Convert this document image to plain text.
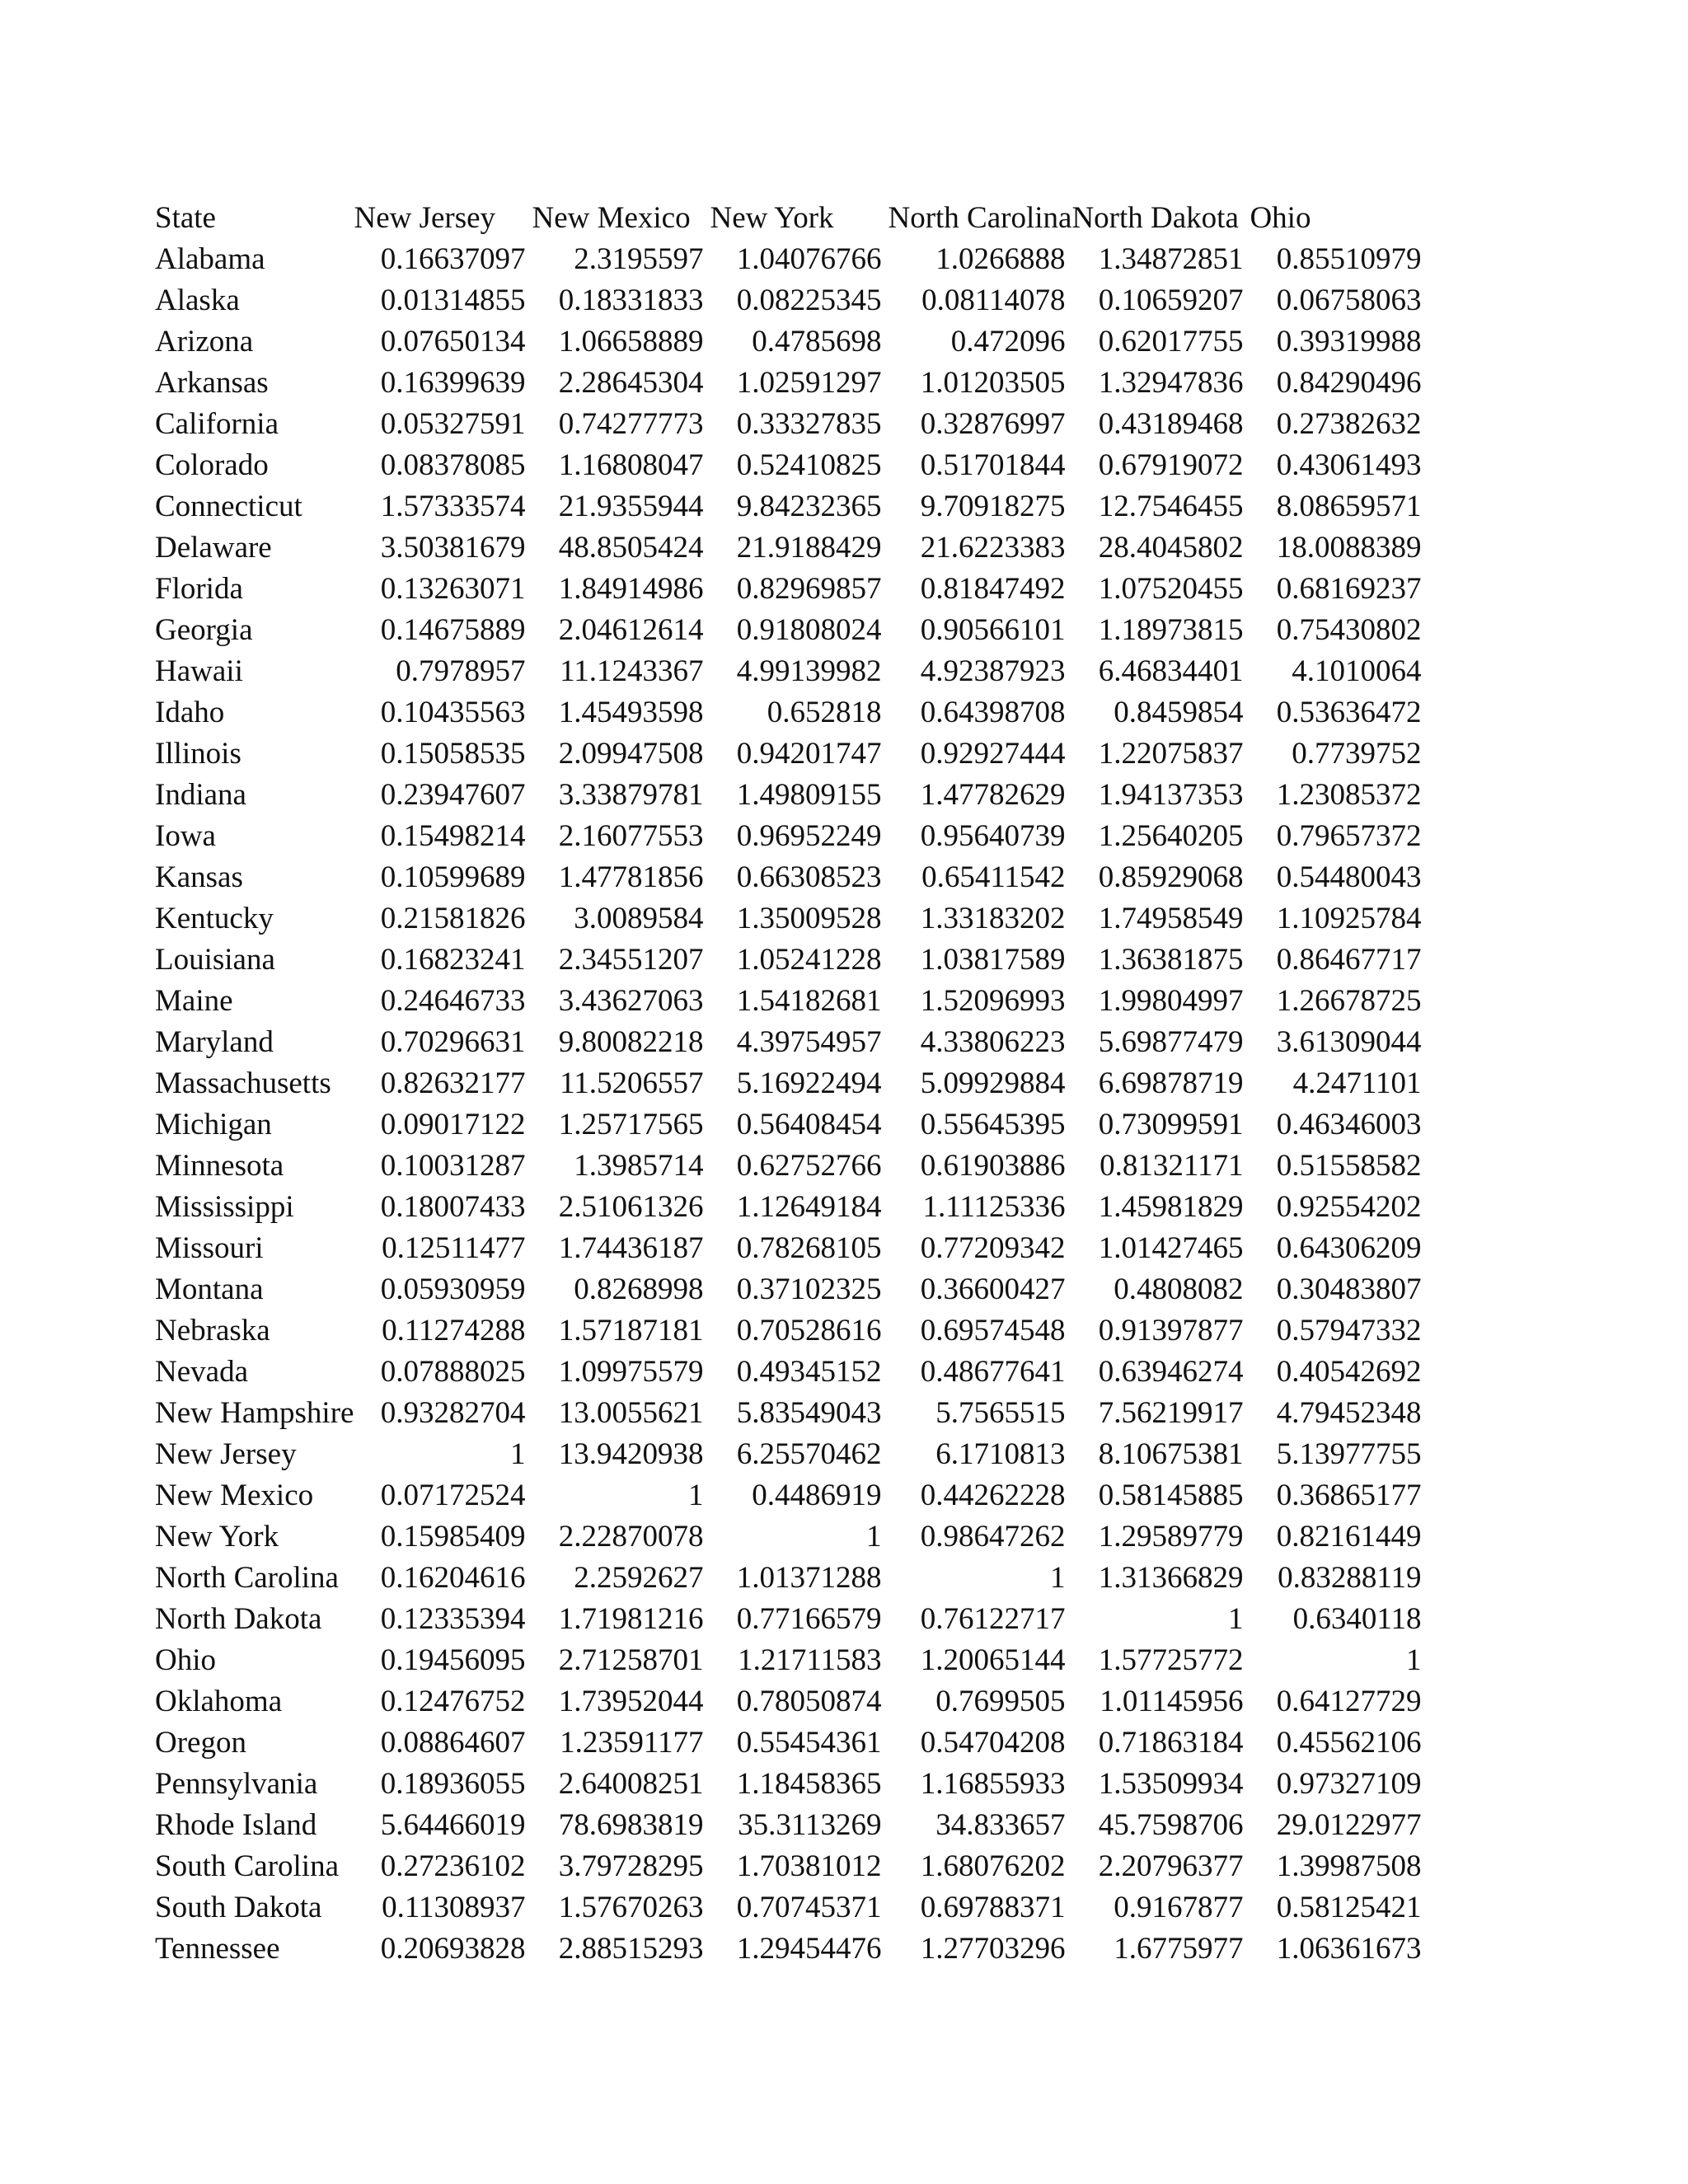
State	New Jersey	New Mexico	New York	North Carolina	North Dakota	Ohio
Alabama	0.16637097	2.3195597	1.04076766	1.0266888	1.34872851	0.85510979
Alaska	0.01314855	0.18331833	0.08225345	0.08114078	0.10659207	0.06758063
Arizona	0.07650134	1.06658889	0.4785698	0.472096	0.62017755	0.39319988
Arkansas	0.16399639	2.28645304	1.02591297	1.01203505	1.32947836	0.84290496
California	0.05327591	0.74277773	0.33327835	0.32876997	0.43189468	0.27382632
Colorado	0.08378085	1.16808047	0.52410825	0.51701844	0.67919072	0.43061493
Connecticut	1.57333574	21.9355944	9.84232365	9.70918275	12.7546455	8.08659571
Delaware	3.50381679	48.8505424	21.9188429	21.6223383	28.4045802	18.0088389
Florida	0.13263071	1.84914986	0.82969857	0.81847492	1.07520455	0.68169237
Georgia	0.14675889	2.04612614	0.91808024	0.90566101	1.18973815	0.75430802
Hawaii	0.7978957	11.1243367	4.99139982	4.92387923	6.46834401	4.1010064
Idaho	0.10435563	1.45493598	0.652818	0.64398708	0.8459854	0.53636472
Illinois	0.15058535	2.09947508	0.94201747	0.92927444	1.22075837	0.7739752
Indiana	0.23947607	3.33879781	1.49809155	1.47782629	1.94137353	1.23085372
Iowa	0.15498214	2.16077553	0.96952249	0.95640739	1.25640205	0.79657372
Kansas	0.10599689	1.47781856	0.66308523	0.65411542	0.85929068	0.54480043
Kentucky	0.21581826	3.0089584	1.35009528	1.33183202	1.74958549	1.10925784
Louisiana	0.16823241	2.34551207	1.05241228	1.03817589	1.36381875	0.86467717
Maine	0.24646733	3.43627063	1.54182681	1.52096993	1.99804997	1.26678725
Maryland	0.70296631	9.80082218	4.39754957	4.33806223	5.69877479	3.61309044
Massachusetts	0.82632177	11.5206557	5.16922494	5.09929884	6.69878719	4.2471101
Michigan	0.09017122	1.25717565	0.56408454	0.55645395	0.73099591	0.46346003
Minnesota	0.10031287	1.3985714	0.62752766	0.61903886	0.81321171	0.51558582
Mississippi	0.18007433	2.51061326	1.12649184	1.11125336	1.45981829	0.92554202
Missouri	0.12511477	1.74436187	0.78268105	0.77209342	1.01427465	0.64306209
Montana	0.05930959	0.8268998	0.37102325	0.36600427	0.4808082	0.30483807
Nebraska	0.11274288	1.57187181	0.70528616	0.69574548	0.91397877	0.57947332
Nevada	0.07888025	1.09975579	0.49345152	0.48677641	0.63946274	0.40542692
New Hampshire	0.93282704	13.0055621	5.83549043	5.7565515	7.56219917	4.79452348
New Jersey	1	13.9420938	6.25570462	6.1710813	8.10675381	5.13977755
New Mexico	0.07172524	1	0.4486919	0.44262228	0.58145885	0.36865177
New York	0.15985409	2.22870078	1	0.98647262	1.29589779	0.82161449
North Carolina	0.16204616	2.2592627	1.01371288	1	1.31366829	0.83288119
North Dakota	0.12335394	1.71981216	0.77166579	0.76122717	1	0.6340118
Ohio	0.19456095	2.71258701	1.21711583	1.20065144	1.57725772	1
Oklahoma	0.12476752	1.73952044	0.78050874	0.7699505	1.01145956	0.64127729
Oregon	0.08864607	1.23591177	0.55454361	0.54704208	0.71863184	0.45562106
Pennsylvania	0.18936055	2.64008251	1.18458365	1.16855933	1.53509934	0.97327109
Rhode Island	5.64466019	78.6983819	35.3113269	34.833657	45.7598706	29.0122977
South Carolina	0.27236102	3.79728295	1.70381012	1.68076202	2.20796377	1.39987508
South Dakota	0.11308937	1.57670263	0.70745371	0.69788371	0.9167877	0.58125421
Tennessee	0.20693828	2.88515293	1.29454476	1.27703296	1.6775977	1.06361673
